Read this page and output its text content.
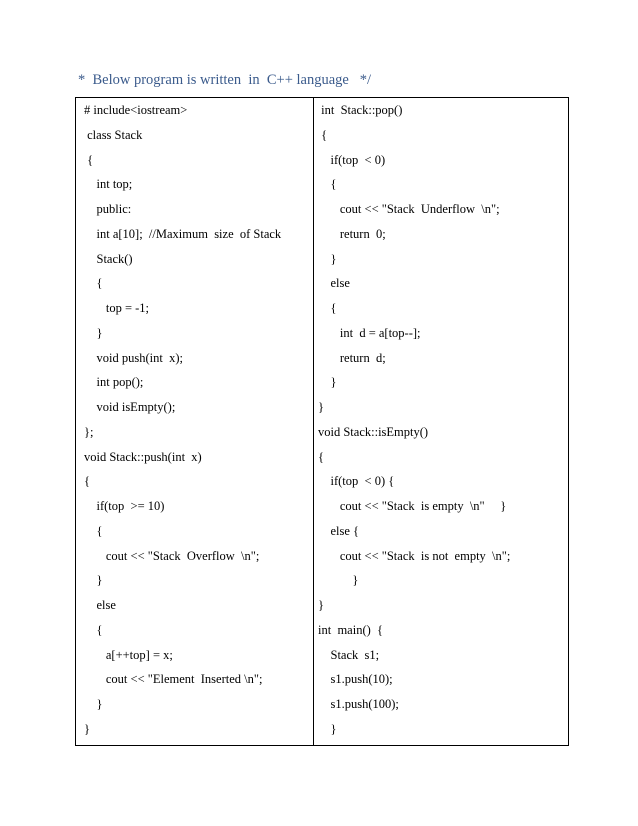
*  Below program is written  in  C++ language   */
# include<iostream>
class Stack
{
int top;
public:
int a[10];  //Maximum  size  of Stack
Stack()
{
top = -1;
}
void push(int  x);
int pop();
void isEmpty();
};
void Stack::push(int  x)
{
if(top  >= 10)
{
cout << "Stack  Overflow  \n";
}
else
{
a[++top] = x;
cout << "Element  Inserted \n";
}
}
int  Stack::pop()
{
if(top  < 0)
{
cout << "Stack  Underflow  \n";
return  0;
}
else
{
int  d = a[top--];
return  d;
}
}
void Stack::isEmpty()
{
if(top  < 0) {
cout << "Stack  is empty  \n"     }
else {
cout << "Stack  is not  empty  \n";
}
}
int  main()  {
Stack  s1;
s1.push(10);
s1.push(100);
}
